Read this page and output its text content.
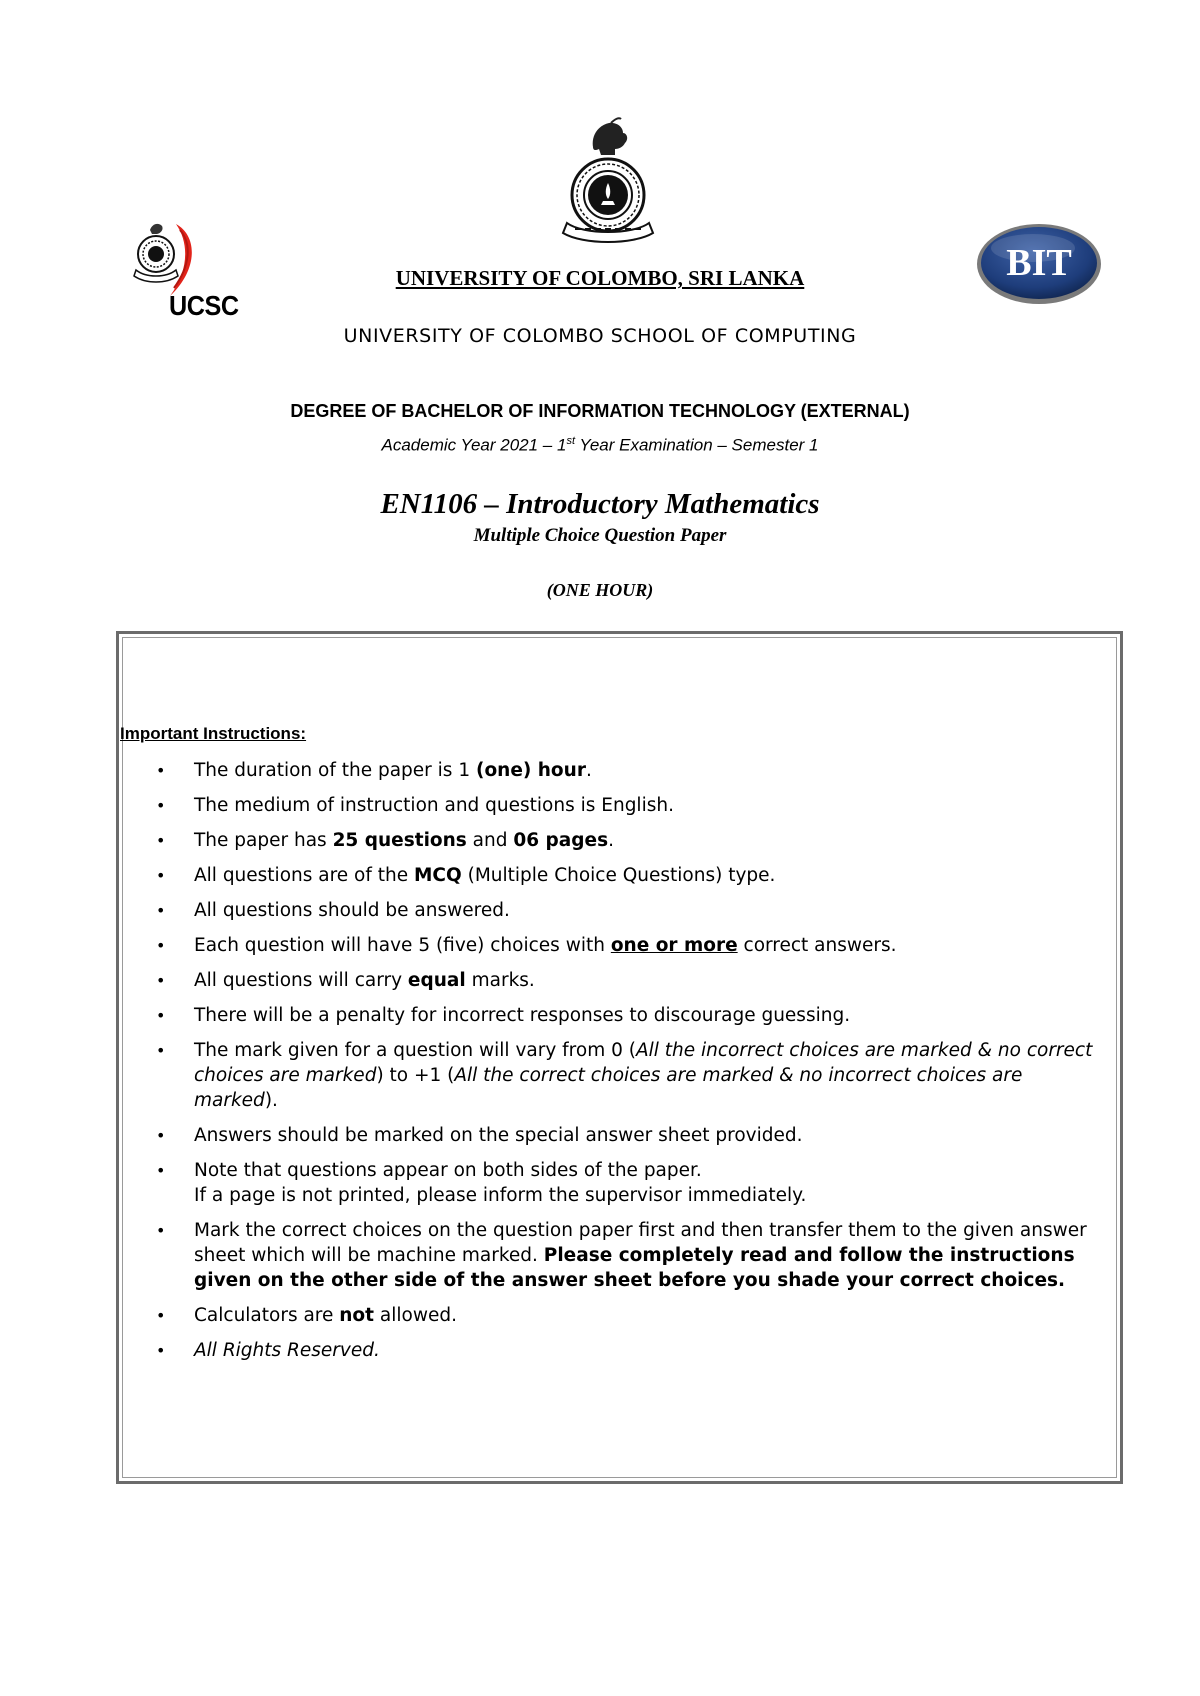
UCSC
BIT
UNIVERSITY OF COLOMBO, SRI LANKA
UNIVERSITY OF COLOMBO SCHOOL OF COMPUTING
DEGREE OF BACHELOR OF INFORMATION TECHNOLOGY (EXTERNAL)
Academic Year 2021 – 1st Year Examination – Semester 1
EN1106 – Introductory Mathematics
Multiple Choice Question Paper
(ONE HOUR)
Important Instructions:
• The duration of the paper is 1 (one) hour.
• The medium of instruction and questions is English.
• The paper has 25 questions and 06 pages.
• All questions are of the MCQ (Multiple Choice Questions) type.
• All questions should be answered.
• Each question will have 5 (five) choices with one or more correct answers.
• All questions will carry equal marks.
• There will be a penalty for incorrect responses to discourage guessing.
• The mark given for a question will vary from 0 (All the incorrect choices are marked & no correct choices are marked) to +1 (All the correct choices are marked & no incorrect choices are marked).
• Answers should be marked on the special answer sheet provided.
• Note that questions appear on both sides of the paper.
If a page is not printed, please inform the supervisor immediately.
• Mark the correct choices on the question paper first and then transfer them to the given answer sheet which will be machine marked. Please completely read and follow the instructions given on the other side of the answer sheet before you shade your correct choices.
• Calculators are not allowed.
• All Rights Reserved.
